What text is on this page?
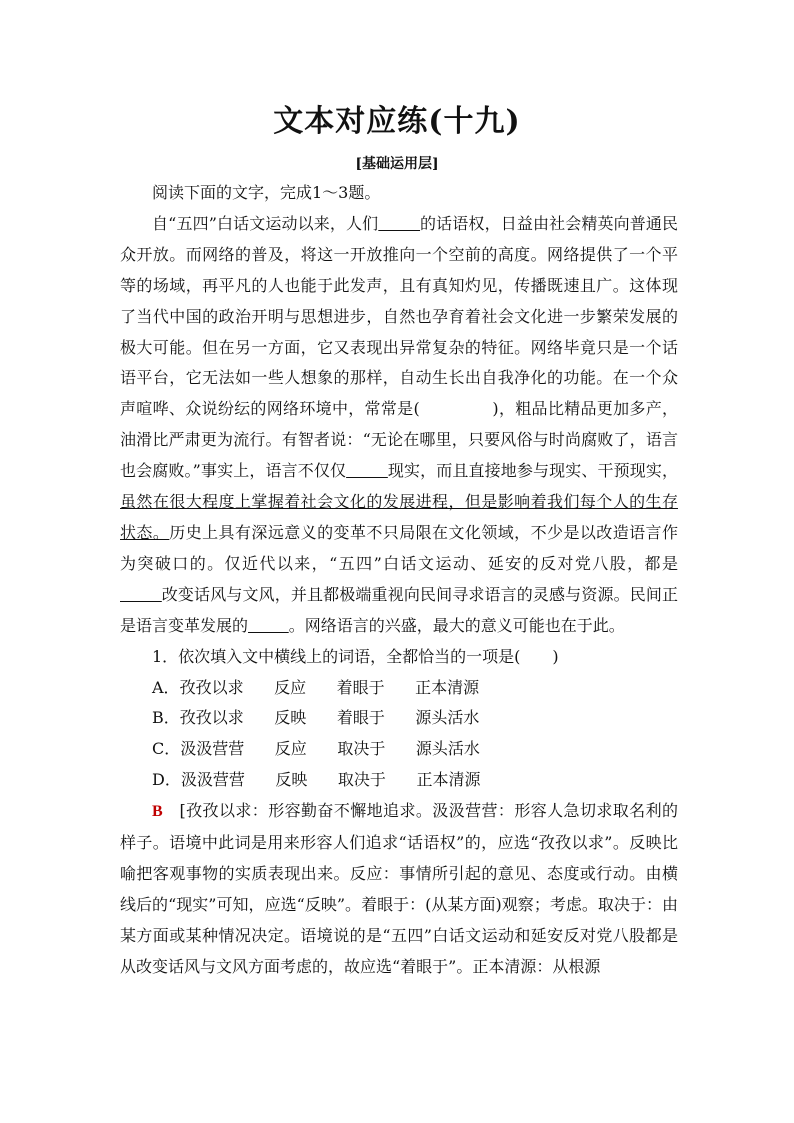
文本对应练(十九)
[基础运用层]

阅读下面的文字，完成1～3题。

自“五四”白话文运动以来，人们	的话语权，日益由社会精英向普通民众开放。而网络的普及，将这一开放推向一个空前的高度。网络提供了一个平等的场域，再平凡的人也能于此发声，且有真知灼见，传播既速且广。这体现了当代中国的政治开明与思想进步，自然也孕育着社会文化进一步繁荣发展的极大可能。但在另一方面，它又表现出异常复杂的特征。网络毕竟只是一个话语平台，它无法如一些人想象的那样，自动生长出自我净化的功能。在一个众声喧哗、众说纷纭的网络环境中，常常是(	)，粗品比精品更加多产，油滑比严肃更为流行。有智者说：“无论在哪里，只要风俗与时尚腐败了，语言也会腐败。”事实上，语言不仅仅	现实，而且直接地参与现实、干预现实，虽然在很大程度上掌握着社会文化的发展进程，但是影响着我们每个人的生存状态。历史上具有深远意义的变革不只局限在文化领域，不少是以改造语言作为突破口的。仅近代以来，“五四”白话文运动、延安的反对党八股，都是        改变话风与文风，并且都极端重视向民间寻求语言的灵感与资源。民间正是语言变革发展的	。网络语言的兴盛，最大的意义可能也在于此。

1．依次填入文中横线上的词语，全都恰当的一项是(　　)

A．孜孜以求 反应 着眼于 正本清源

B．孜孜以求 反映 着眼于 源头活水

C．汲汲营营 反应 取决于 源头活水

D．汲汲营营 反映 取决于 正本清源

B　 [孜孜以求：形容勤奋不懈地追求。汲汲营营：形容人急切求取名利的样子。语境中此词是用来形容人们追求“话语权”的，应选“孜孜以求”。反映比喻把客观事物的实质表现出来。反应：事情所引起的意见、态度或行动。由横线后的“现实”可知，应选“反映”。着眼于：(从某方面)观察；考虑。取决于：由某方面或某种情况决定。语境说的是“五四”白话文运动和延安反对党八股都是从改变话风与文风方面考虑的，故应选“着眼于”。正本清源：从根源
